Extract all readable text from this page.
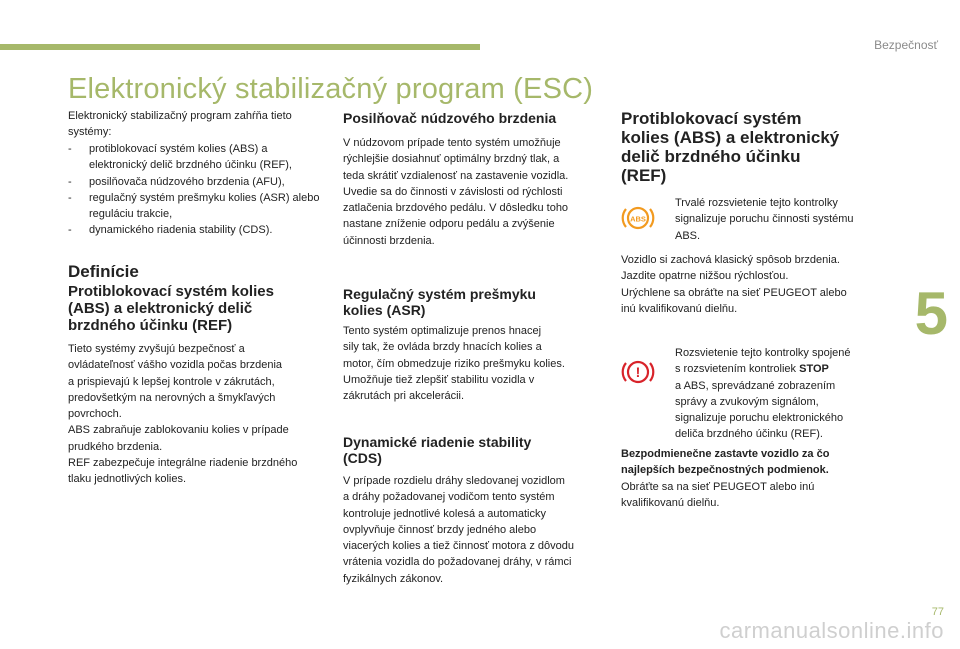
Bezpečnosť
5
Elektronický stabilizačný program (ESC)
Elektronický stabilizačný program zahŕňa tieto systémy:
- protiblokovací systém kolies (ABS) a elektronický delič brzdného účinku (REF),
- posilňovača núdzového brzdenia (AFU),
- regulačný systém prešmyku kolies (ASR) alebo reguláciu trakcie,
- dynamického riadenia stability (CDS).
Definície
Protiblokovací systém kolies
(ABS) a elektronický delič
brzdného účinku (REF)
Tieto systémy zvyšujú bezpečnosť a
ovládateľnosť vášho vozidla počas brzdenia
a prispievajú k lepšej kontrole v zákrutách,
predovšetkým na nerovných a šmykľavých
povrchoch.
ABS zabraňuje zablokovaniu kolies v prípade
prudkého brzdenia.
REF zabezpečuje integrálne riadenie brzdného
tlaku jednotlivých kolies.
Posilňovač núdzového brzdenia
V núdzovom prípade tento systém umožňuje
rýchlejšie dosiahnuť optimálny brzdný tlak, a
teda skrátiť vzdialenosť na zastavenie vozidla.
Uvedie sa do činnosti v závislosti od rýchlosti
zatlačenia brzdového pedálu. V dôsledku toho
nastane zníženie odporu pedálu a zvýšenie
účinnosti brzdenia.
Regulačný systém prešmyku
kolies (ASR)
Tento systém optimalizuje prenos hnacej
sily tak, že ovláda brzdy hnacích kolies a
motor, čím obmedzuje riziko prešmyku kolies.
Umožňuje tiež zlepšiť stabilitu vozidla v
zákrutách pri akcelerácii.
Dynamické riadenie stability
(CDS)
V prípade rozdielu dráhy sledovanej vozidlom
a dráhy požadovanej vodičom tento systém
kontroluje jednotlivé kolesá a automaticky
ovplyvňuje činnosť brzdy jedného alebo
viacerých kolies a tiež činnosť motora z dôvodu
vrátenia vozidla do požadovanej dráhy, v rámci
fyzikálnych zákonov.
Protiblokovací systém
kolies (ABS) a elektronický
delič brzdného účinku
(REF)
ABS
Trvalé rozsvietenie tejto kontrolky
signalizuje poruchu činnosti systému
ABS.
Vozidlo si zachová klasický spôsob brzdenia.
Jazdite opatrne nižšou rýchlosťou.
Urýchlene sa obráťte na sieť PEUGEOT alebo
inú kvalifikovanú dielňu.
!
Rozsvietenie tejto kontrolky spojené
s rozsvietením kontroliek STOP
a ABS, sprevádzané zobrazením
správy a zvukovým signálom,
signalizuje poruchu elektronického
deliča brzdného účinku (REF).
Bezpodmienečne zastavte vozidlo za čo
najlepších bezpečnostných podmienok.
Obráťte sa na sieť PEUGEOT alebo inú
kvalifikovanú dielňu.
77
carmanualsonline.info
